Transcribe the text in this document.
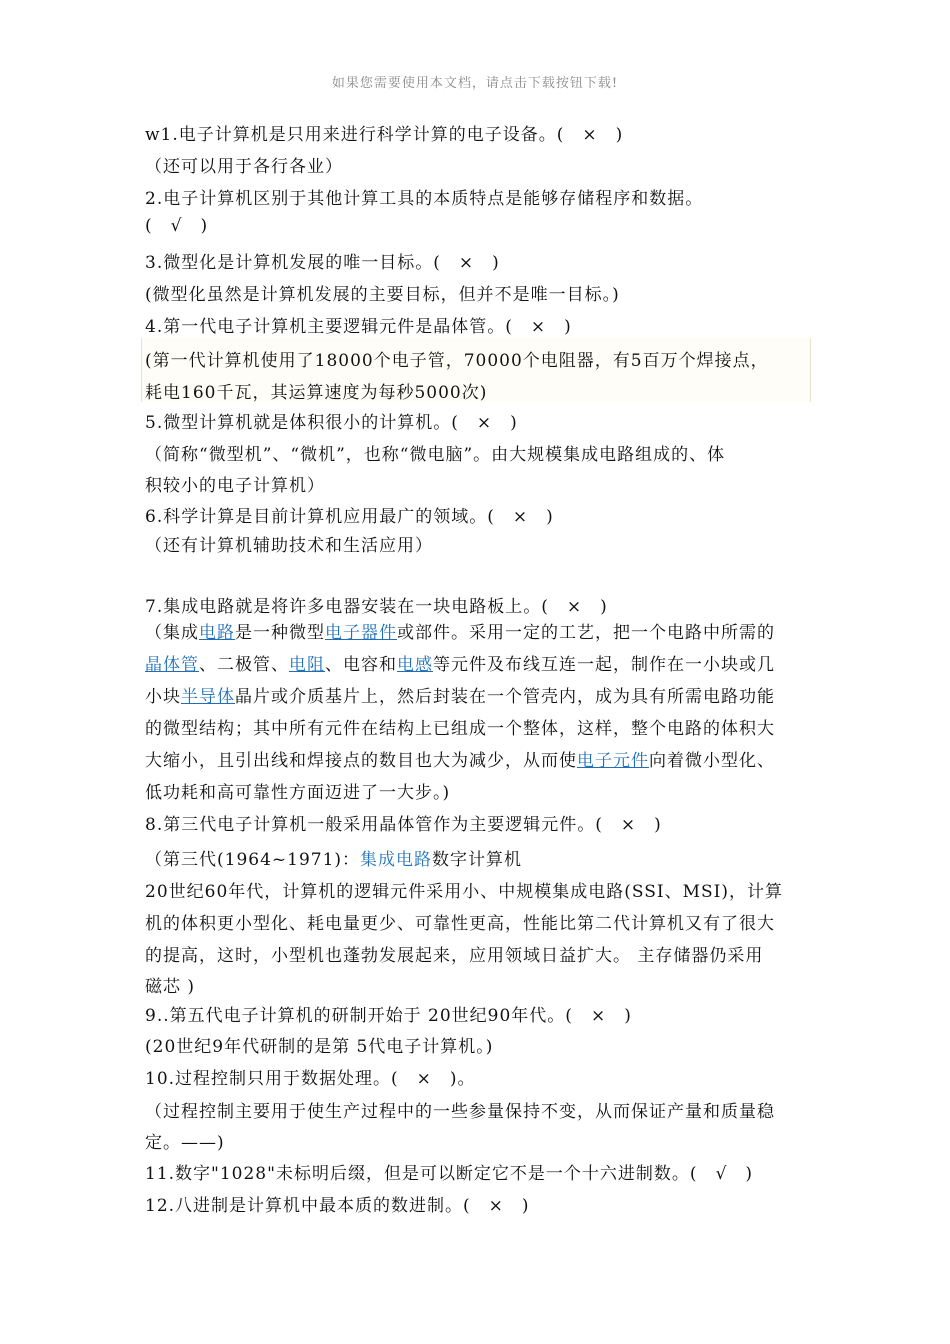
如果您需要使用本文档，请点击下载按钮下载!
w1.电子计算机是只用来进行科学计算的电子设备。( × )
（还可以用于各行各业）
2.电子计算机区别于其他计算工具的本质特点是能够存储程序和数据。
( √ )
3.微型化是计算机发展的唯一目标。( × )
(微型化虽然是计算机发展的主要目标，但并不是唯一目标。)
4.第一代电子计算机主要逻辑元件是晶体管。( × )
(第一代计算机使用了18000个电子管，70000个电阻器，有5百万个焊接点，
耗电160千瓦，其运算速度为每秒5000次)
5.微型计算机就是体积很小的计算机。( × )
（简称“微型机”、“微机”，也称“微电脑”。由大规模集成电路组成的、体
积较小的电子计算机）
6.科学计算是目前计算机应用最广的领域。( × )
（还有计算机辅助技术和生活应用）
7.集成电路就是将许多电器安装在一块电路板上。( × )
（集成电路是一种微型电子器件或部件。采用一定的工艺，把一个电路中所需的
晶体管、二极管、电阻、电容和电感等元件及布线互连一起，制作在一小块或几
小块半导体晶片或介质基片上，然后封装在一个管壳内，成为具有所需电路功能
的微型结构；其中所有元件在结构上已组成一个整体，这样，整个电路的体积大
大缩小，且引出线和焊接点的数目也大为减少，从而使电子元件向着微小型化、
低功耗和高可靠性方面迈进了一大步。)
8.第三代电子计算机一般采用晶体管作为主要逻辑元件。( × )
（第三代(1964~1971)：集成电路数字计算机
20世纪60年代，计算机的逻辑元件采用小、中规模集成电路(SSI、MSI)，计算
机的体积更小型化、耗电量更少、可靠性更高，性能比第二代计算机又有了很大
的提高，这时，小型机也蓬勃发展起来，应用领域日益扩大。 主存储器仍采用
磁芯 )
9..第五代电子计算机的研制开始于 20世纪90年代。( × )
(20世纪9年代研制的是第 5代电子计算机。)
10.过程控制只用于数据处理。( × )。
（过程控制主要用于使生产过程中的一些参量保持不变，从而保证产量和质量稳
定。——)
11.数字"1028"未标明后缀，但是可以断定它不是一个十六进制数。( √ )
12.八进制是计算机中最本质的数进制。( × )
